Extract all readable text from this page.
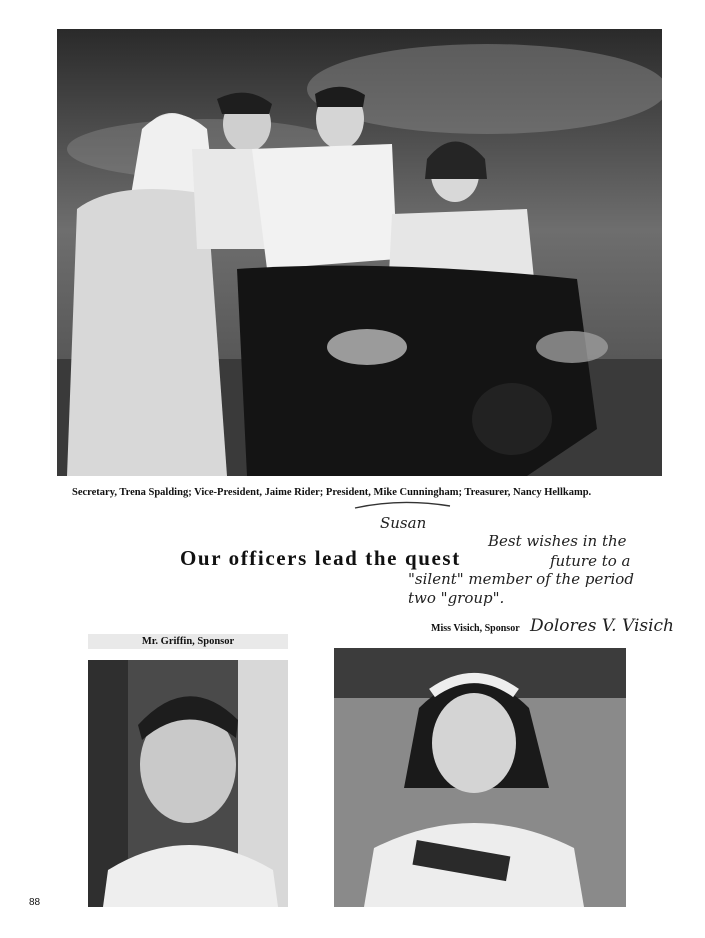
Secretary, Trena Spalding; Vice-President, Jaime Rider; President, Mike Cunningham; Treasurer, Nancy Hellkamp.
Our officers lead the quest
Susan
Best wishes in the
future to a
"silent" member of the period
two "group".
Dolores V. Visich
Miss Visich, Sponsor
Mr. Griffin, Sponsor
88
